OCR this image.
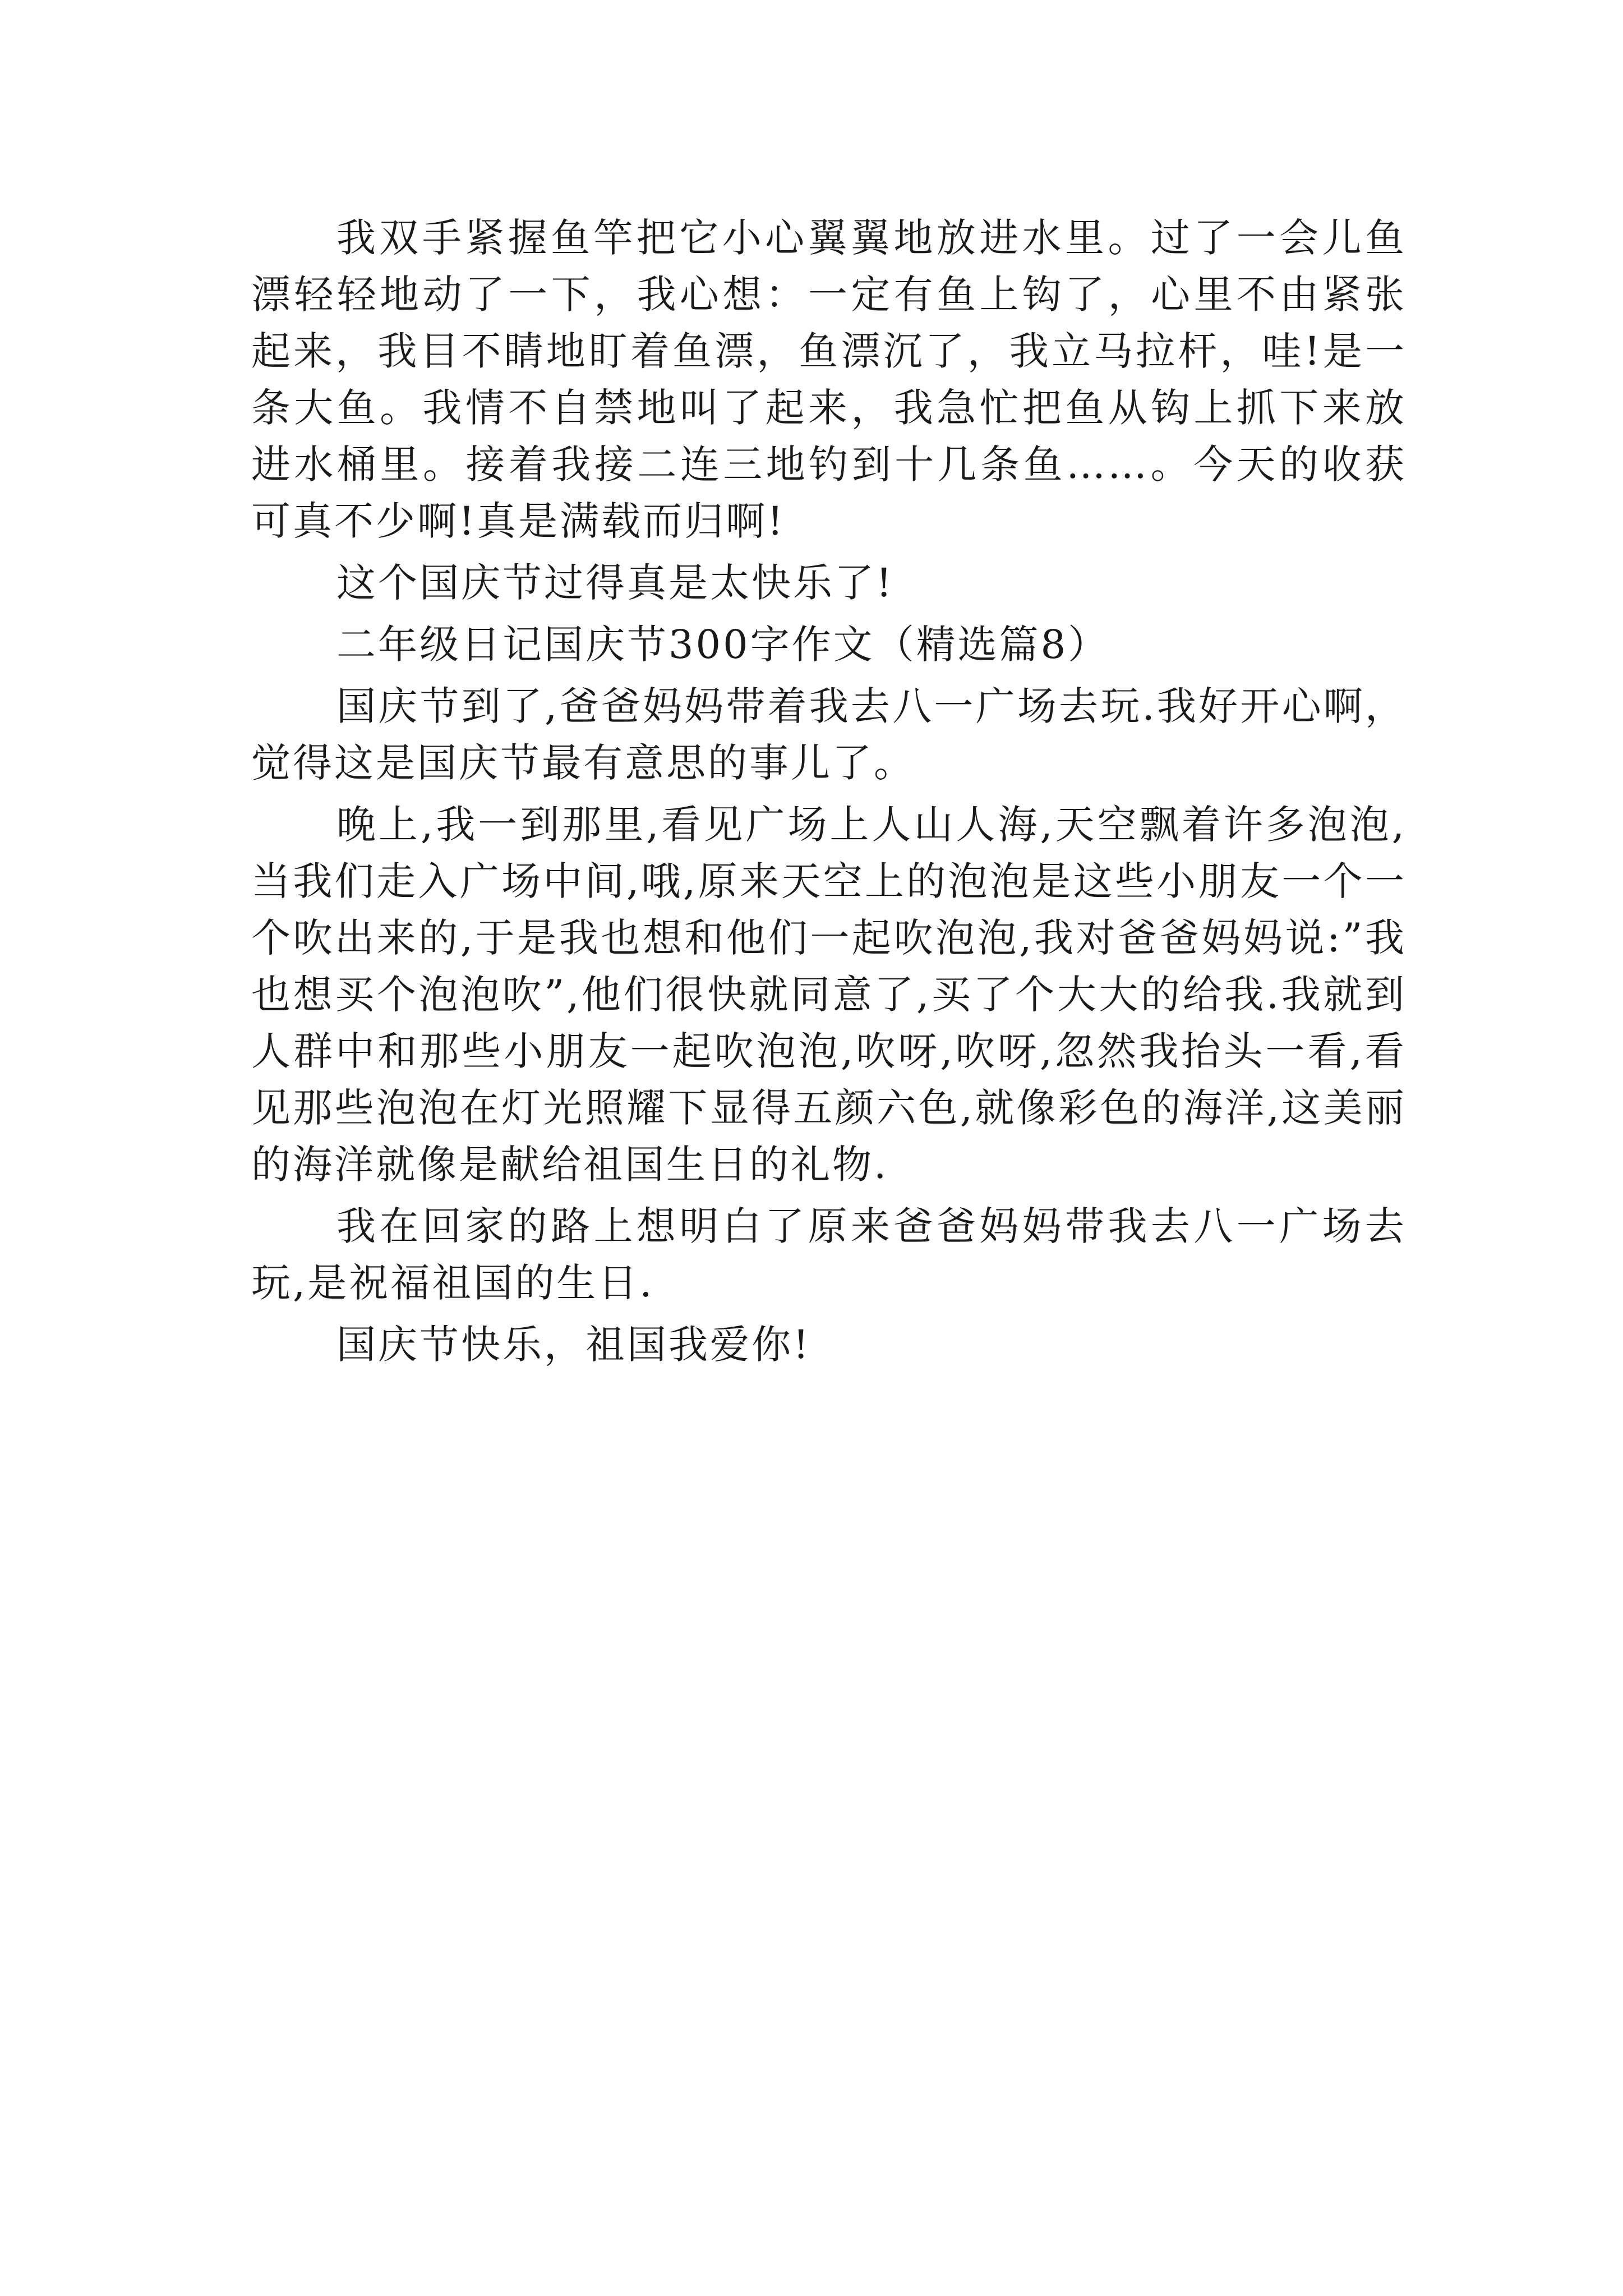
我双手紧握鱼竿把它小心翼翼地放进水里。过了一会儿鱼漂轻轻地动了一下，我心想：一定有鱼上钩了，心里不由紧张起来，我目不睛地盯着鱼漂，鱼漂沉了，我立马拉杆，哇!是一条大鱼。我情不自禁地叫了起来，我急忙把鱼从钩上抓下来放进水桶里。接着我接二连三地钓到十几条鱼……。今天的收获可真不少啊!真是满载而归啊!

这个国庆节过得真是太快乐了!

二年级日记国庆节300字作文（精选篇8）

国庆节到了,爸爸妈妈带着我去八一广场去玩.我好开心啊，觉得这是国庆节最有意思的事儿了。

晚上,我一到那里,看见广场上人山人海,天空飘着许多泡泡,当我们走入广场中间,哦,原来天空上的泡泡是这些小朋友一个一个吹出来的,于是我也想和他们一起吹泡泡,我对爸爸妈妈说:”我也想买个泡泡吹”,他们很快就同意了,买了个大大的给我.我就到人群中和那些小朋友一起吹泡泡,吹呀,吹呀,忽然我抬头一看,看见那些泡泡在灯光照耀下显得五颜六色,就像彩色的海洋,这美丽的海洋就像是献给祖国生日的礼物.

我在回家的路上想明白了原来爸爸妈妈带我去八一广场去玩,是祝福祖国的生日.

国庆节快乐，祖国我爱你!
